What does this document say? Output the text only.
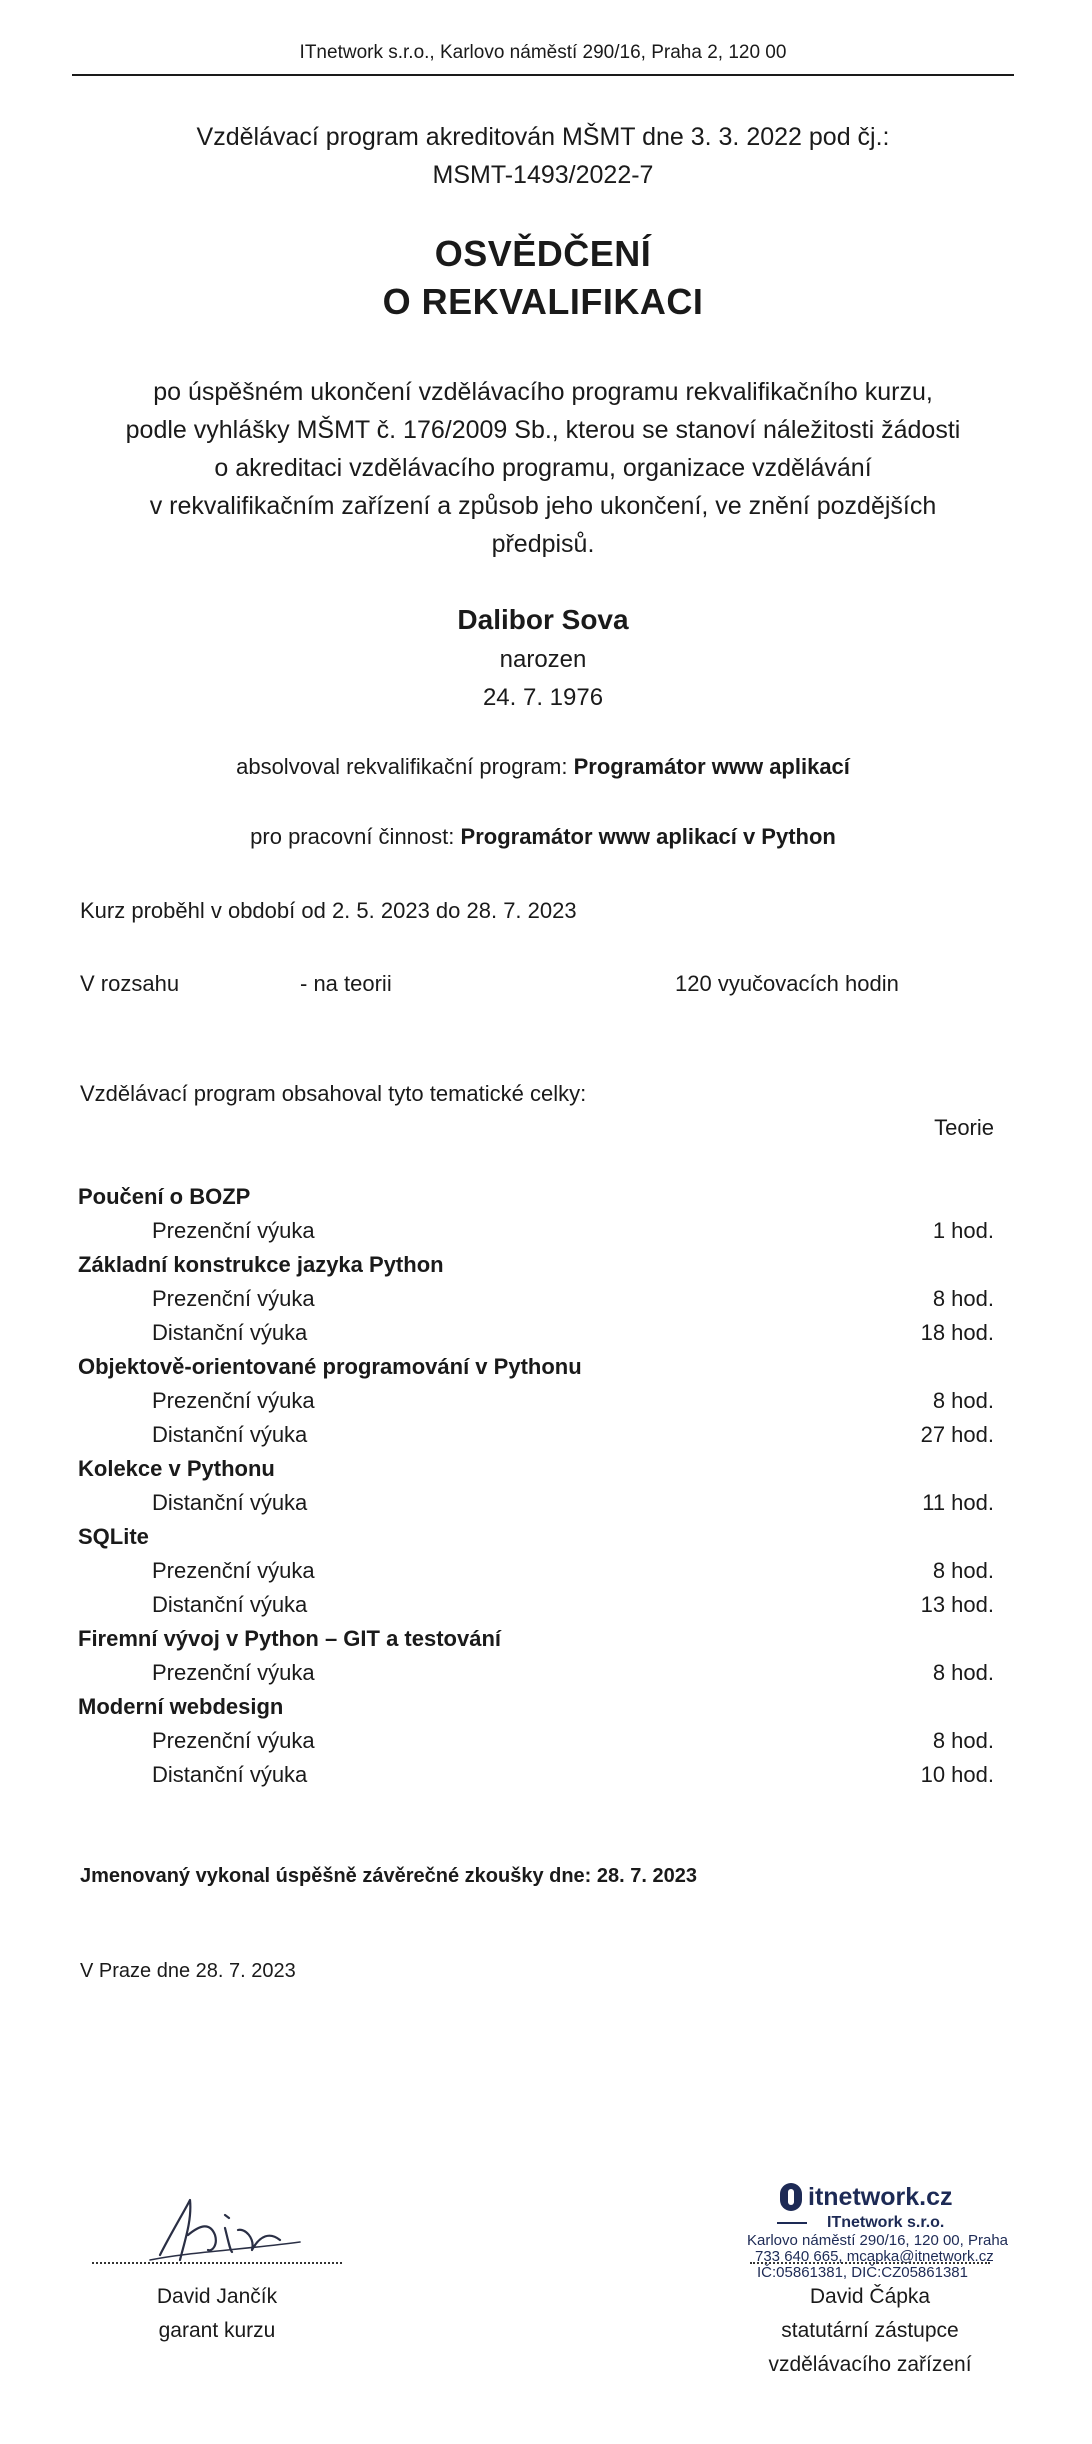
ITnetwork s.r.o., Karlovo náměstí 290/16, Praha 2, 120 00
Vzdělávací program akreditován MŠMT dne 3. 3. 2022 pod čj.:
MSMT-1493/2022-7
OSVĚDČENÍ
O REKVALIFIKACI
po úspěšném ukončení vzdělávacího programu rekvalifikačního kurzu,
podle vyhlášky MŠMT č. 176/2009 Sb., kterou se stanoví náležitosti žádosti
o akreditaci vzdělávacího programu, organizace vzdělávání
v rekvalifikačním zařízení a způsob jeho ukončení, ve znění pozdějších
předpisů.
Dalibor Sova
narozen
24. 7. 1976
absolvoval rekvalifikační program: Programátor www aplikací
pro pracovní činnost: Programátor www aplikací v Python
Kurz proběhl v období od 2. 5. 2023 do 28. 7. 2023
V rozsahu	- na teorii	120 vyučovacích hodin
Vzdělávací program obsahoval tyto tematické celky:
Teorie
Poučení o BOZP
Prezenční výuka	1 hod.
Základní konstrukce jazyka Python
Prezenční výuka	8 hod.
Distanční výuka	18 hod.
Objektově-orientované programování v Pythonu
Prezenční výuka	8 hod.
Distanční výuka	27 hod.
Kolekce v Pythonu
Distanční výuka	11 hod.
SQLite
Prezenční výuka	8 hod.
Distanční výuka	13 hod.
Firemní vývoj v Python – GIT a testování
Prezenční výuka	8 hod.
Moderní webdesign
Prezenční výuka	8 hod.
Distanční výuka	10 hod.
Jmenovaný vykonal úspěšně závěrečné zkoušky dne: 28. 7. 2023
V Praze dne 28. 7. 2023
David Jančík
garant kurzu
itnetwork.cz
ITnetwork s.r.o.
Karlovo náměstí 290/16, 120 00, Praha
733 640 665, mcapka@itnetwork.cz
IČ:05861381, DIČ:CZ05861381
David Čápka
statutární zástupce
vzdělávacího zařízení
